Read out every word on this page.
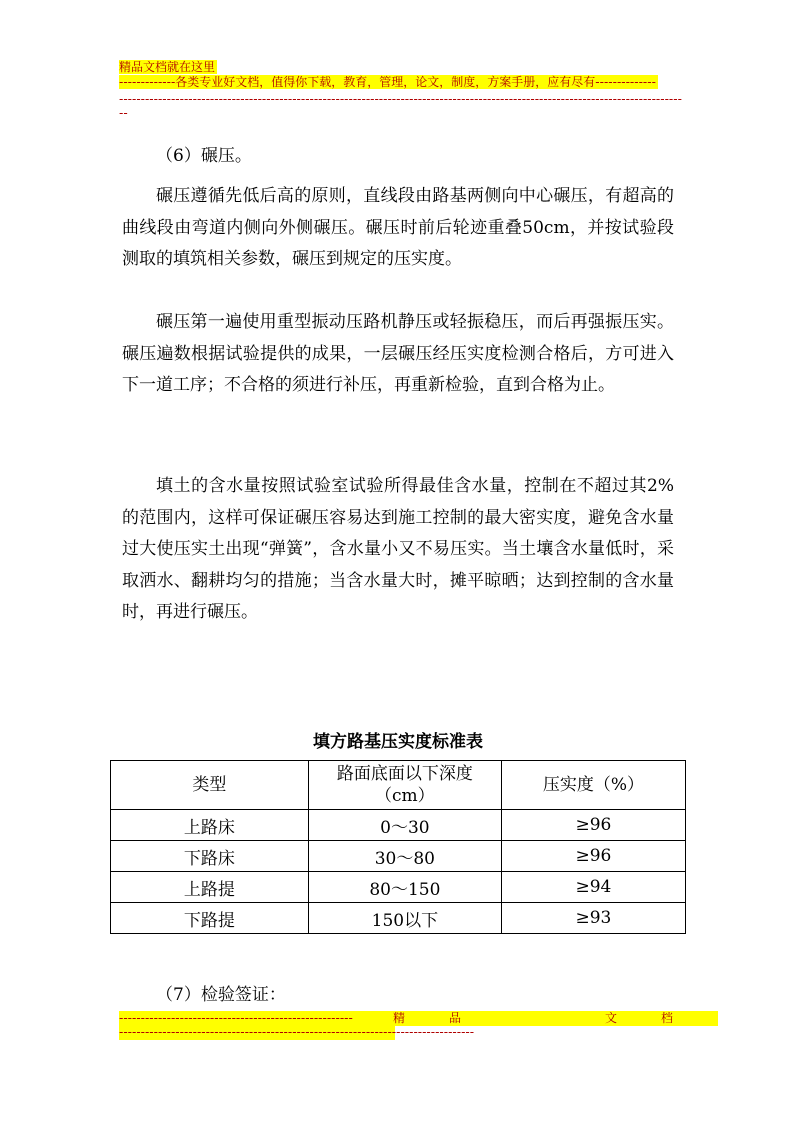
精品文档就在这里
-------------各类专业好文档，值得你下载，教育，管理，论文，制度，方案手册，应有尽有--------------
----------------------------------------------------------------------------------------------------------------------------------
--

（6）碾压。

碾压遵循先低后高的原则，直线段由路基两侧向中心碾压，有超高的曲线段由弯道内侧向外侧碾压。碾压时前后轮迹重叠50cm，并按试验段测取的填筑相关参数，碾压到规定的压实度。

碾压第一遍使用重型振动压路机静压或轻振稳压，而后再强振压实。碾压遍数根据试验提供的成果，一层碾压经压实度检测合格后，方可进入下一道工序；不合格的须进行补压，再重新检验，直到合格为止。

填土的含水量按照试验室试验所得最佳含水量，控制在不超过其2%的范围内，这样可保证碾压容易达到施工控制的最大密实度，避免含水量过大使压实土出现“弹簧”，含水量小又不易压实。当土壤含水量低时，采取洒水、翻耕均匀的措施；当含水量大时，摊平晾晒；达到控制的含水量时，再进行碾压。

填方路基压实度标准表
类型	路面底面以下深度（cm）	压实度（%）
上路床	0～30	≥96
下路床	30～80	≥96
上路提	80～150	≥94
下路提	150以下	≥93

（7）检验签证：

------------------------------------------------------	精	品	文	档
----------------------------------------------------------------------------------
